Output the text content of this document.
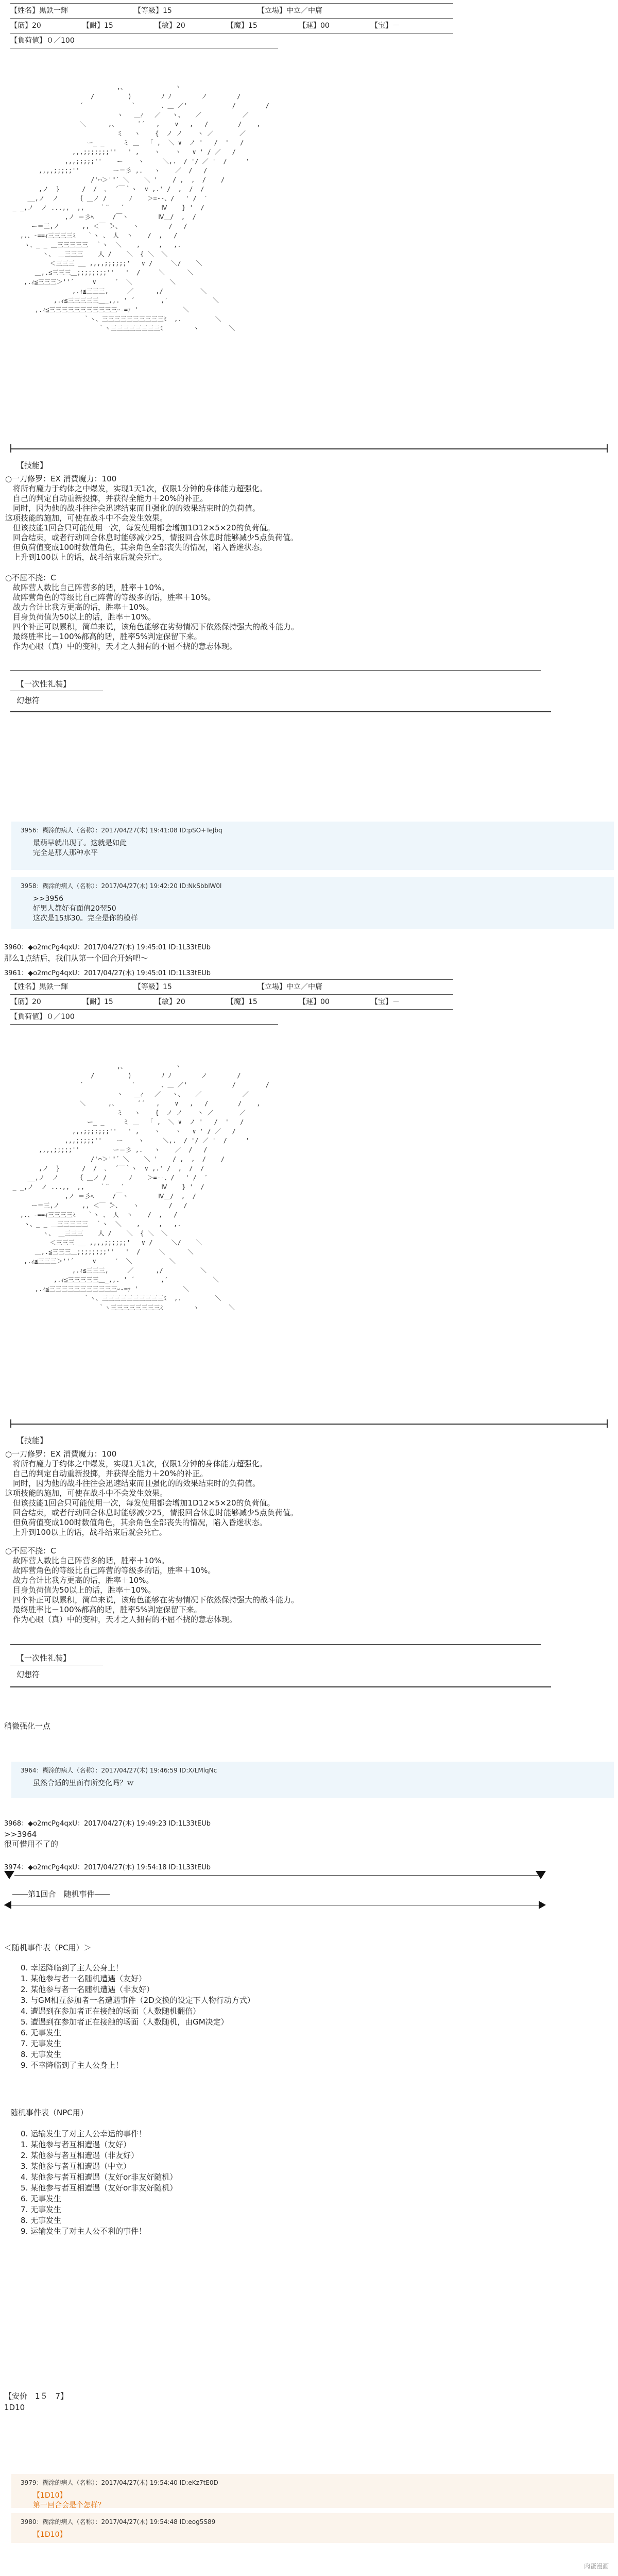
【姓名】黒鉄一輝	【等級】15	【立場】中立／中庸
【筋】20	【耐】15	【敏】20	【魔】15	【運】00	【宝】－
【負荷値】０／100
,、             ヽ
/         )        ﾉ ﾉ        ノ        /
´             `       、＿ ／'            /        /
ヽ   ＿ｨ   ／   ヽ、   ／           ／
＼      ,、      ﾞ´   ,    ∨   ,   /        /    ,
ミ   ヽ    {  ノ ノ    ヽ ／       ／
ー_ _     ミ ＿   ｢ ,  ＼ ∨  ノ '   /  '   /
,,,;;;;;;;''   ' ,    ヽ    ヽ   ∨ ' / ／   /
,,,;;;;;''    ー    ヽ     ＼,.  / '/ ／ '  /     '
,,,,;;;;;''         ー＝彡 ,.   ヽ    ／  /   /
/'⌒＞'"´ ＼    ＼ '    / ,  ,  /    /
,ノ  }      /  /  ､  ´￣｀ヽ  ∨ ,.' /  ,  /  /
__,ノ  ノ     ｛ ＿ノ /      ﾉ    ＞=‐-、/   ' /  ′
_ _,ノ  ノ ...,,  ,,    ｀¨   ´          Ⅳ    } '  /
,ノ ＝彡ﾍ     /￣ヽ        Ⅳ＿/  ,  /
ー＝三,ノ      ,, ＜￣ ̄＞、   ヽ        /   /
,.、-==ｨ三三三三ﾐ   ｀ヽ 、 人  丶    /  ,   /
ヽ、_ _ ＿三三三三三  ｀ヽ  ＼    ,     ,   ,.
ヽ、 ＿三三三    人 /    ＼  { ＼  ＼
＜三三三 __ ,,,,;;;;;;'   ∨ /     ＼/    ＼
＿,.≦三三三＿;;;;;;;;''   '  /     ＼      ＼
,.ｨ≦三三三＞''´     ∨     ′  ＼          ＼
,.ｨ≦三三三,     ／      ,/          ＼
,.ｨ≦三三三三三＿_,,. ' ´       ,′            ＼
,.ｨ≦三三三三三三三三三三三ｰ-=ｧ '            ＼
｀ヽ、三三三三三三三三三三ﾐ  ,.         ＼
｀ヽ三三三三三三三三ﾐ        ヽ        ＼
【技能】
○一刀修罗：EX 消費魔力：100
　将所有魔力于约体之中爆发，实现1天1次，仅限1分钟的身体能力超强化。
　自己的判定自动重新投掷，并获得全能力＋20%的补正。
　同时，因为他的战斗往往会迅速结束而且强化的的效果结束时的负荷值。
这项技能的施加，可使在战斗中不会发生效果。
　但该技能1回合只可能使用一次，每发使用都会增加1D12×5×20的负荷值。
　回合结束，或者行动回合休息时能够减少25，情报回合休息时能够减少5点负荷值。
　但负荷值变成100时数值角色，其余角色全部丧失的情况，陷入昏迷状态。
　上升到100以上的话，战斗结束后就会死亡。
○不屈不挠：C
　故阵营人数比自己阵营多的话，胜率＋10%。
　故阵营角色的等级比自己阵营的等级多的话，胜率＋10%。
　战力合计比我方更高的话，胜率＋10%。
　目身负荷值为50以上的话，胜率＋10%。
　四个补正可以累积，简单来说，该角色能够在劣势情况下依然保持强大的战斗能力。
　最终胜率比－100%都高的话，胜率5%判定保留下来。
　作为心眼（真）中的变种，天才之人拥有的不屈不挠的意志体现。
【一次性礼装】
幻想符
3956：糊涂的病人（名称）：2017/04/27(木) 19:41:08 ID:pSO+TeJbq
最萌早就出现了。这就是如此
完全是那人那种水平
3958：糊涂的病人（名称）：2017/04/27(木) 19:42:20 ID:NkSbblW0l
>>3956
好男人都好有面值20翌50
这次是15那30。完全是你的模样
3960：◆o2mcPg4qxU：2017/04/27(木) 19:45:01 ID:1L33tEUb
那么1点结后，我们从第一个回合开始吧～
3961：◆o2mcPg4qxU：2017/04/27(木) 19:45:01 ID:1L33tEUb
【姓名】黒鉄一輝	【等級】15	【立場】中立／中庸
【筋】20	【耐】15	【敏】20	【魔】15	【運】00	【宝】－
【負荷値】０／100
,、             ヽ
/         )        ﾉ ﾉ        ノ        /
´             `       、＿ ／'            /        /
ヽ   ＿ｨ   ／   ヽ、   ／           ／
＼      ,、      ﾞ´   ,    ∨   ,   /        /    ,
ミ   ヽ    {  ノ ノ    ヽ ／       ／
ー_ _     ミ ＿   ｢ ,  ＼ ∨  ノ '   /  '   /
,,,;;;;;;;''   ' ,    ヽ    ヽ   ∨ ' / ／   /
,,,;;;;;''    ー    ヽ     ＼,.  / '/ ／ '  /     '
,,,,;;;;;''         ー＝彡 ,.   ヽ    ／  /   /
/'⌒＞'"´ ＼    ＼ '    / ,  ,  /    /
,ノ  }      /  /  ､  ´￣｀ヽ  ∨ ,.' /  ,  /  /
__,ノ  ノ     ｛ ＿ノ /      ﾉ    ＞=‐-、/   ' /  ′
_ _,ノ  ノ ...,,  ,,    ｀¨   ´          Ⅳ    } '  /
,ノ ＝彡ﾍ     /￣ヽ        Ⅳ＿/  ,  /
ー＝三,ノ      ,, ＜￣ ̄＞、   ヽ        /   /
,.、-==ｨ三三三三ﾐ   ｀ヽ 、 人  丶    /  ,   /
ヽ、_ _ ＿三三三三三  ｀ヽ  ＼    ,     ,   ,.
ヽ、 ＿三三三    人 /    ＼  { ＼  ＼
＜三三三 __ ,,,,;;;;;;'   ∨ /     ＼/    ＼
＿,.≦三三三＿;;;;;;;;''   '  /     ＼      ＼
,.ｨ≦三三三＞''´     ∨     ′  ＼          ＼
,.ｨ≦三三三,     ／      ,/          ＼
,.ｨ≦三三三三三＿_,,. ' ´       ,′            ＼
,.ｨ≦三三三三三三三三三三三ｰ-=ｧ '            ＼
｀ヽ、三三三三三三三三三三ﾐ  ,.         ＼
｀ヽ三三三三三三三三ﾐ        ヽ        ＼
【技能】
○一刀修罗：EX 消費魔力：100
　将所有魔力于约体之中爆发，实现1天1次，仅限1分钟的身体能力超强化。
　自己的判定自动重新投掷，并获得全能力＋20%的补正。
　同时，因为他的战斗往往会迅速结束而且强化的的效果结束时的负荷值。
这项技能的施加，可使在战斗中不会发生效果。
　但该技能1回合只可能使用一次，每发使用都会增加1D12×5×20的负荷值。
　回合结束，或者行动回合休息时能够减少25，情报回合休息时能够减少5点负荷值。
　但负荷值变成100时数值角色，其余角色全部丧失的情况，陷入昏迷状态。
　上升到100以上的话，战斗结束后就会死亡。
○不屈不挠：C
　故阵营人数比自己阵营多的话，胜率＋10%。
　故阵营角色的等级比自己阵营的等级多的话，胜率＋10%。
　战力合计比我方更高的话，胜率＋10%。
　目身负荷值为50以上的话，胜率＋10%。
　四个补正可以累积，简单来说，该角色能够在劣势情况下依然保持强大的战斗能力。
　最终胜率比－100%都高的话，胜率5%判定保留下来。
　作为心眼（真）中的变种，天才之人拥有的不屈不挠的意志体现。
【一次性礼装】
幻想符
稍微强化一点
3964：糊涂的病人（名称）：2017/04/27(木) 19:46:59 ID:X/LMlqNc
虽然合适的里面有所变化吗？ｗ
3968：◆o2mcPg4qxU：2017/04/27(木) 19:49:23 ID:1L33tEUb
>>3964
很可惜用不了的
3974：◆o2mcPg4qxU：2017/04/27(木) 19:54:18 ID:1L33tEUb
――第1回合　随机事件――
＜随机事件表（PC用）＞
0. 幸运降临到了主人公身上！
1. 某他参与者一名随机遭遇（友好）
2. 某他参与者一名随机遭遇（非友好）
3. 与GM相互参加者一名遭遇事件（2D交换的设定下人物行动方式）
4. 遭遇到在参加者正在接触的场面（人数随机翻倍）
5. 遭遇到在参加者正在接触的场面（人数随机，由GM决定）
6. 无事发生
7. 无事发生
8. 无事发生
9. 不幸降临到了主人公身上！
随机事件表（NPC用）
0. 运输发生了对主人公幸运的事件！
1. 某他参与者互相遭遇（友好）
2. 某他参与者互相遭遇（非友好）
3. 某他参与者互相遭遇（中立）
4. 某他参与者互相遭遇（友好or非友好随机）
5. 某他参与者互相遭遇（友好or非友好随机）
6. 无事发生
7. 无事发生
8. 无事发生
9. 运输发生了对主人公不利的事件！
【安价　1５　7】
1D10
3979：糊涂的病人（名称）：2017/04/27(木) 19:54:40 ID:eKz7tE0D
【1D10】
第一回合会是个怎样？
3980：糊涂的病人（名称）：2017/04/27(木) 19:54:48 ID:eog5S89
【1D10】
肉蛋漫画
